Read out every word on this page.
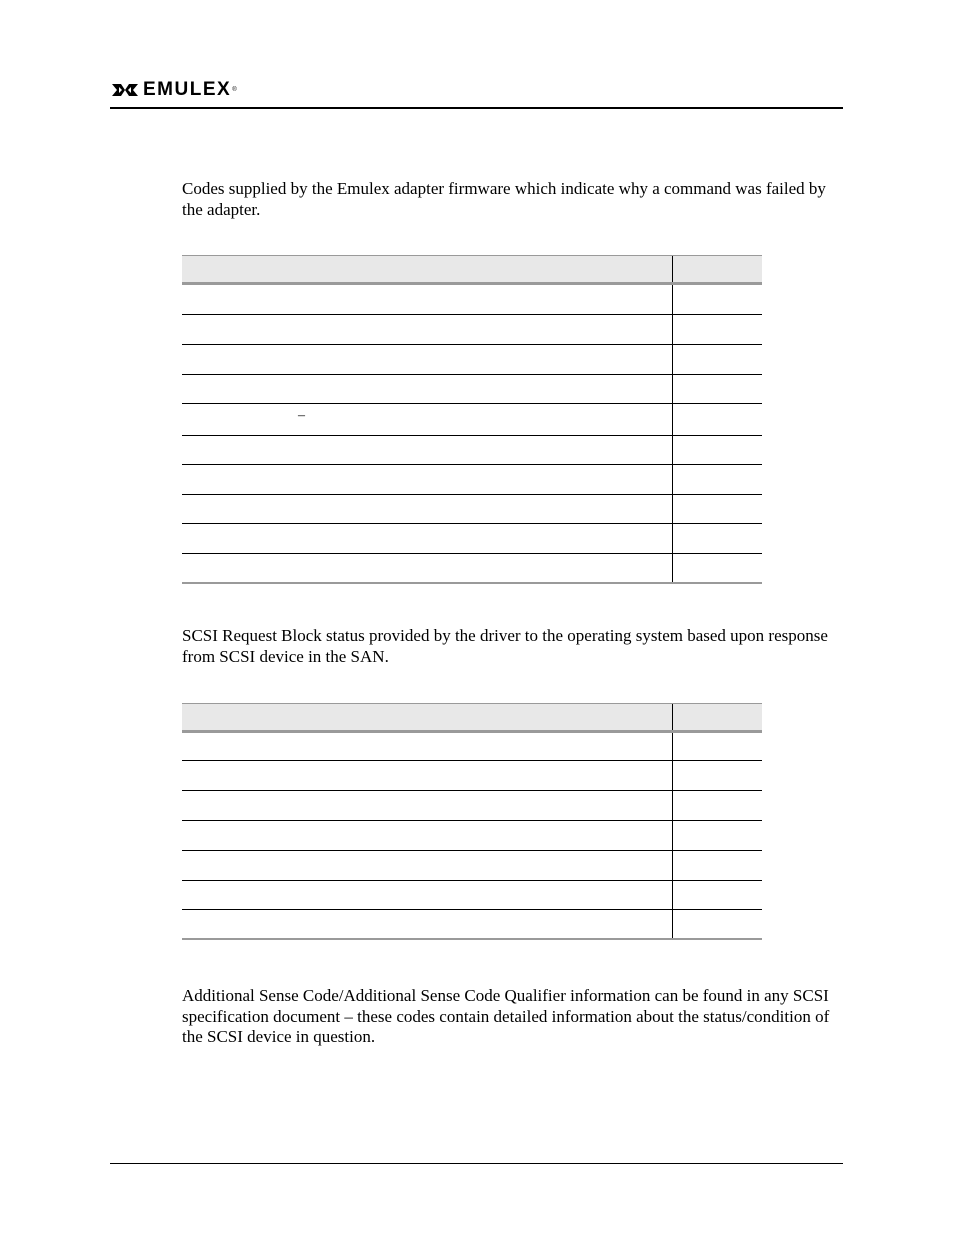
EMULEX ®

Codes supplied by the Emulex adapter firmware which indicate why a command was failed by the adapter.

–

SCSI Request Block status provided by the driver to the operating system based upon response from SCSI device in the SAN.

Additional Sense Code/Additional Sense Code Qualifier information can be found in any SCSI specification document – these codes contain detailed information about the status/condition of the SCSI device in question.
